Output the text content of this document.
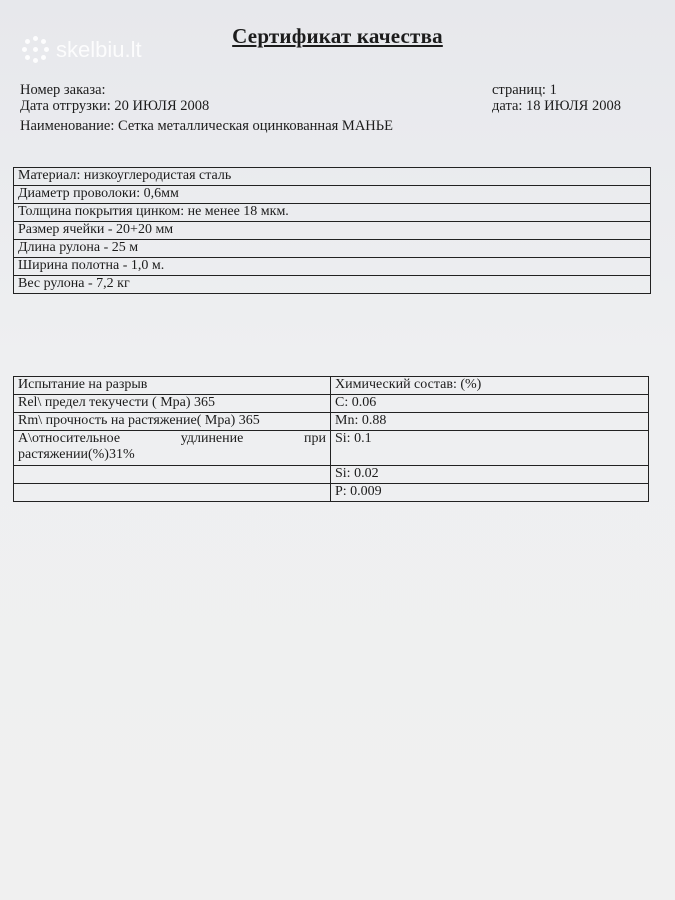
skelbiu.lt
Сертификат качества
Номер заказа:	страниц: 1
Дата отгрузки: 20 ИЮЛЯ 2008	дата: 18 ИЮЛЯ 2008
Наименование: Сетка металлическая оцинкованная МАНЬЕ
Материал: низкоуглеродистая сталь
Диаметр проволоки: 0,6мм
Толщина покрытия цинком: не менее 18 мкм.
Размер ячейки - 20+20 мм
Длина рулона - 25 м
Ширина полотна - 1,0 м.
Вес рулона - 7,2 кг
Испытание на разрыв	Химический состав: (%)
Rel\ предел текучести ( Mpa) 365	C: 0.06
Rm\ прочность на растяжение( Mpa) 365	Mn: 0.88

A\относительное удлинение при
растяжении(%)31%	Si: 0.1
	Si: 0.02
	P: 0.009
